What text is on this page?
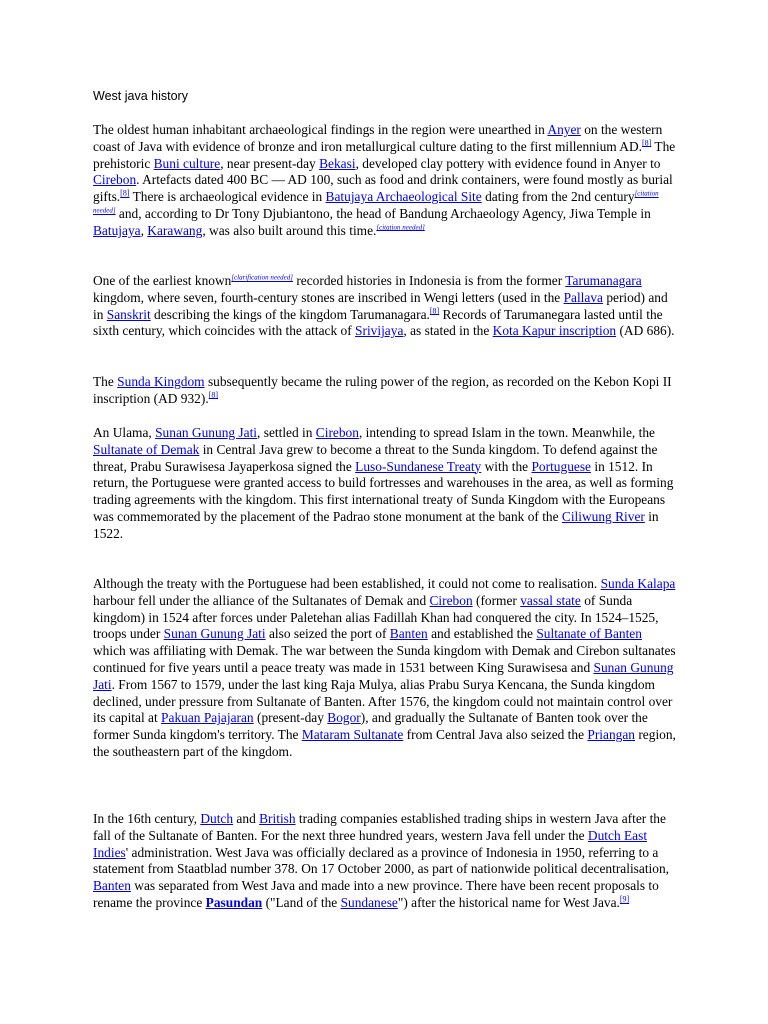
West java history

The oldest human inhabitant archaeological findings in the region were unearthed in Anyer on the western coast of Java with evidence of bronze and iron metallurgical culture dating to the first millennium AD.[8] The prehistoric Buni culture, near present-day Bekasi, developed clay pottery with evidence found in Anyer to Cirebon. Artefacts dated 400 BC — AD 100, such as food and drink containers, were found mostly as burial gifts.[8] There is archaeological evidence in Batujaya Archaeological Site dating from the 2nd century[citation needed] and, according to Dr Tony Djubiantono, the head of Bandung Archaeology Agency, Jiwa Temple in Batujaya, Karawang, was also built around this time.[citation needed]

One of the earliest known[clarification needed] recorded histories in Indonesia is from the former Tarumanagara kingdom, where seven, fourth-century stones are inscribed in Wengi letters (used in the Pallava period) and in Sanskrit describing the kings of the kingdom Tarumanagara.[8] Records of Tarumanegara lasted until the sixth century, which coincides with the attack of Srivijaya, as stated in the Kota Kapur inscription (AD 686).

The Sunda Kingdom subsequently became the ruling power of the region, as recorded on the Kebon Kopi II inscription (AD 932).[8]

An Ulama, Sunan Gunung Jati, settled in Cirebon, intending to spread Islam in the town. Meanwhile, the Sultanate of Demak in Central Java grew to become a threat to the Sunda kingdom. To defend against the threat, Prabu Surawisesa Jayaperkosa signed the Luso-Sundanese Treaty with the Portuguese in 1512. In return, the Portuguese were granted access to build fortresses and warehouses in the area, as well as forming trading agreements with the kingdom. This first international treaty of Sunda Kingdom with the Europeans was commemorated by the placement of the Padrao stone monument at the bank of the Ciliwung River in 1522.

Although the treaty with the Portuguese had been established, it could not come to realisation. Sunda Kalapa harbour fell under the alliance of the Sultanates of Demak and Cirebon (former vassal state of Sunda kingdom) in 1524 after forces under Paletehan alias Fadillah Khan had conquered the city. In 1524–1525, troops under Sunan Gunung Jati also seized the port of Banten and established the Sultanate of Banten which was affiliating with Demak. The war between the Sunda kingdom with Demak and Cirebon sultanates continued for five years until a peace treaty was made in 1531 between King Surawisesa and Sunan Gunung Jati. From 1567 to 1579, under the last king Raja Mulya, alias Prabu Surya Kencana, the Sunda kingdom declined, under pressure from Sultanate of Banten. After 1576, the kingdom could not maintain control over its capital at Pakuan Pajajaran (present-day Bogor), and gradually the Sultanate of Banten took over the former Sunda kingdom's territory. The Mataram Sultanate from Central Java also seized the Priangan region, the southeastern part of the kingdom.

In the 16th century, Dutch and British trading companies established trading ships in western Java after the fall of the Sultanate of Banten. For the next three hundred years, western Java fell under the Dutch East Indies' administration. West Java was officially declared as a province of Indonesia in 1950, referring to a statement from Staatblad number 378. On 17 October 2000, as part of nationwide political decentralisation, Banten was separated from West Java and made into a new province. There have been recent proposals to rename the province Pasundan ("Land of the Sundanese") after the historical name for West Java.[9]
